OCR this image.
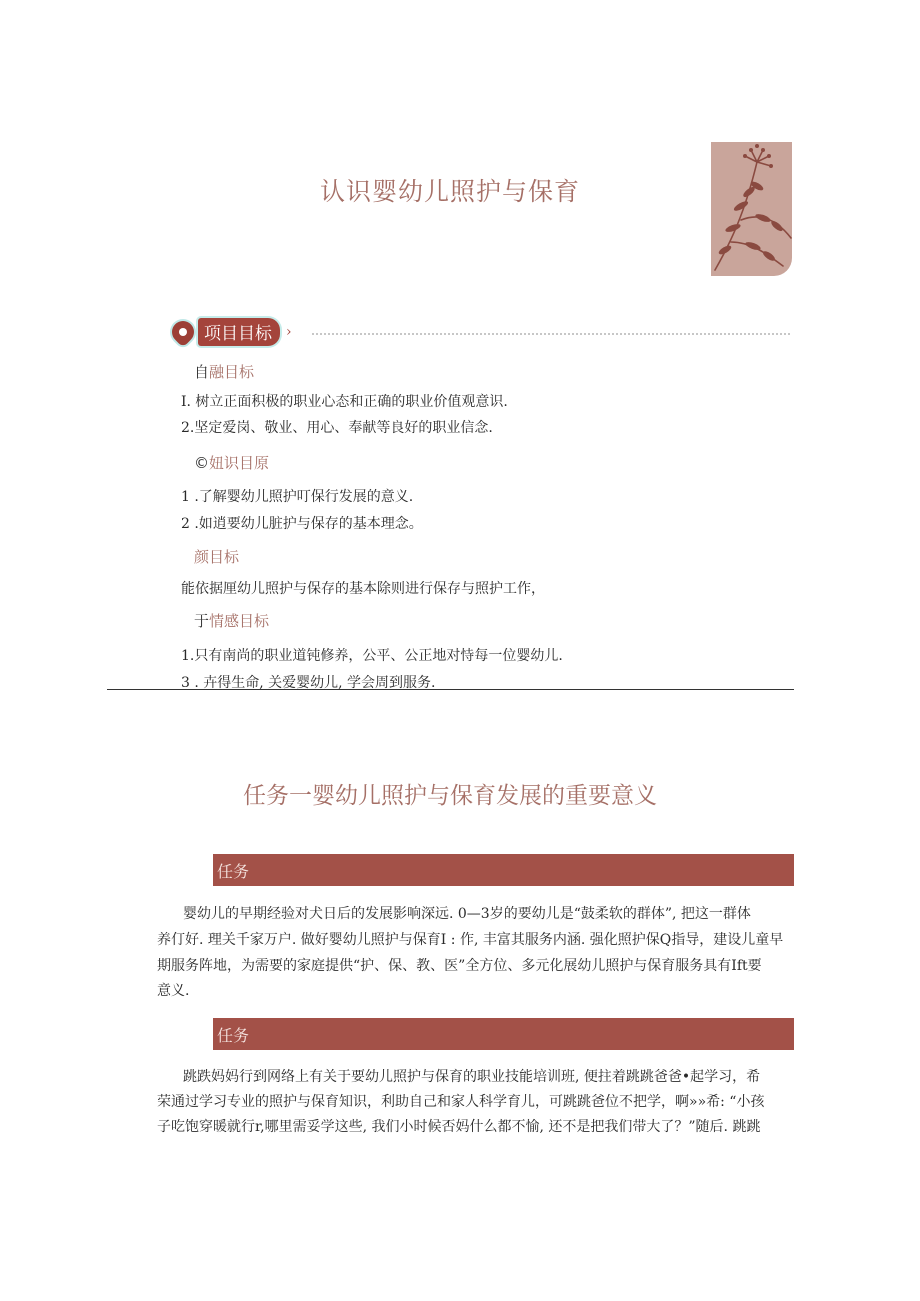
认识婴幼儿照护与保育
项目目标	›
自融目标
I. 树立正面积极的职业心态和正确的职业价值观意识.
2.坚定爱岗、敬业、用心、奉献等良好的职业信念.
©妞识目原
1 .了解婴幼儿照护叮保行发展的意义.
2 .如逍要幼儿脏护与保存的基本理念。
颜目标
能依据厘幼儿照护与保存的基本除则进行保存与照护工作，
于情感目标
1.只有南尚的职业道钝修养，公平、公正地对恃每一位婴幼儿.
3 . 卉得生命, 关爱婴幼儿, 学会周到服务.
任务一婴幼儿照护与保育发展的重要意义
任务
婴幼儿的早期经验对犬日后的发展影响深远. 0—3岁的要幼儿是“鼓柔软的群体”, 把这一群体
养仃好. 理关千家万户. 做好婴幼儿照护与保育I : 作, 丰富其服务内涵. 强化照护保Q指导，建设儿童早
期服务阵地，为需要的家庭提供“护、保、教、医”全方位、多元化展幼儿照护与保育服务具有Ift要
意义.
任务
跳跌妈妈行到网络上有关于要幼儿照护与保育的职业技能培训班, 便拄着跳跳爸爸•起学习，希
荣通过学习专业的照护与保育知识，利助自己和家人科学育儿，可跳跳爸位不把学，啊»»希: “小孩
子吃饱穿暖就行r,哪里需妥学这些, 我们小时候否妈什么都不愉, 还不是把我们带大了？”随后. 跳跳
